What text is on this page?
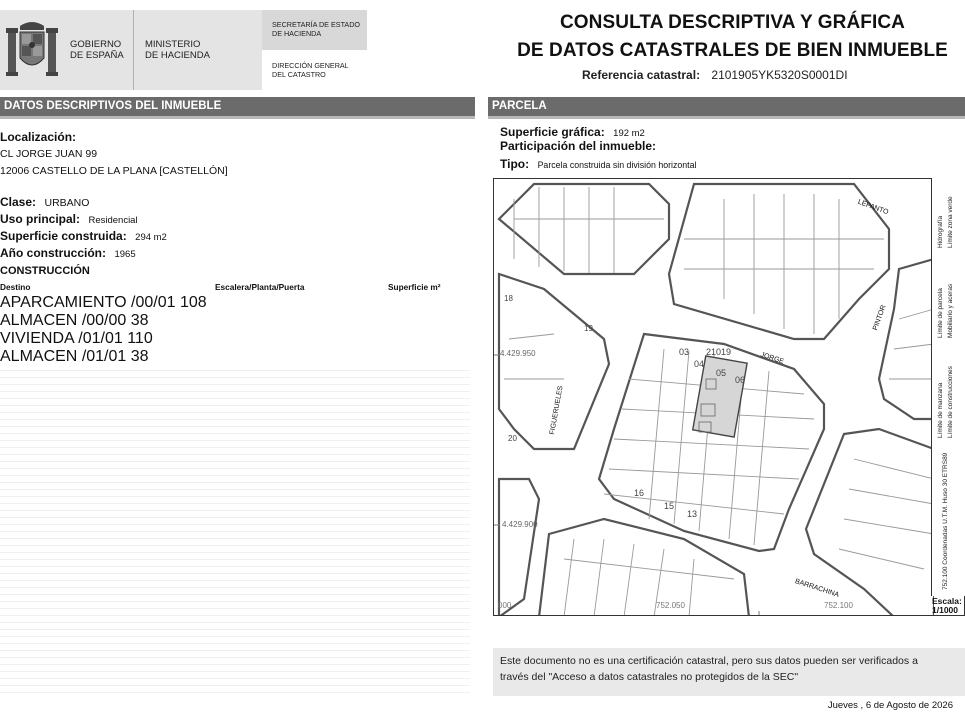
GOBIERNO
DE ESPAÑA
MINISTERIO
DE HACIENDA
SECRETARÍA DE ESTADO
DE HACIENDA
DIRECCIÓN GENERAL
DEL CATASTRO
CONSULTA DESCRIPTIVA Y GRÁFICA
DE DATOS CATASTRALES DE BIEN INMUEBLE
Referencia catastral: 2101905YK5320S0001DI
DATOS DESCRIPTIVOS DEL INMUEBLE
Localización:
CL JORGE JUAN 99
12006 CASTELLO DE LA PLANA [CASTELLÓN]
Clase: URBANO
Uso principal: Residencial
Superficie construida: 294 m2
Año construcción: 1965
CONSTRUCCIÓN
Destino	Escalera/Planta/Puerta	Superficie m²
APARCAMIENTO /00/01 108
ALMACEN /00/00 38
VIVIENDA /01/01 110
ALMACEN /01/01 38
PARCELA
Superficie gráfica: 192 m2
Participación del inmueble:
Tipo: Parcela construida sin división horizontal
4.429.950
4.429.900
752.050	752.100
000
LEPANTO
JORGE
FIGUERUELES
PINTOR
BARRACHINA
21019
03
04
05
06
16
15
13
20
19
18
Hidrografía Límite zona verde
Límite de parcela Mobiliario y aceras
Límite de manzana Límite de construcciones
752.100 Coordenadas U.T.M. Huso 30 ETRS89
Escala:
1/1000
Este documento no es una certificación catastral, pero sus datos pueden ser verificados a
través del "Acceso a datos catastrales no protegidos de la SEC"
Jueves , 6 de Agosto de 2026
